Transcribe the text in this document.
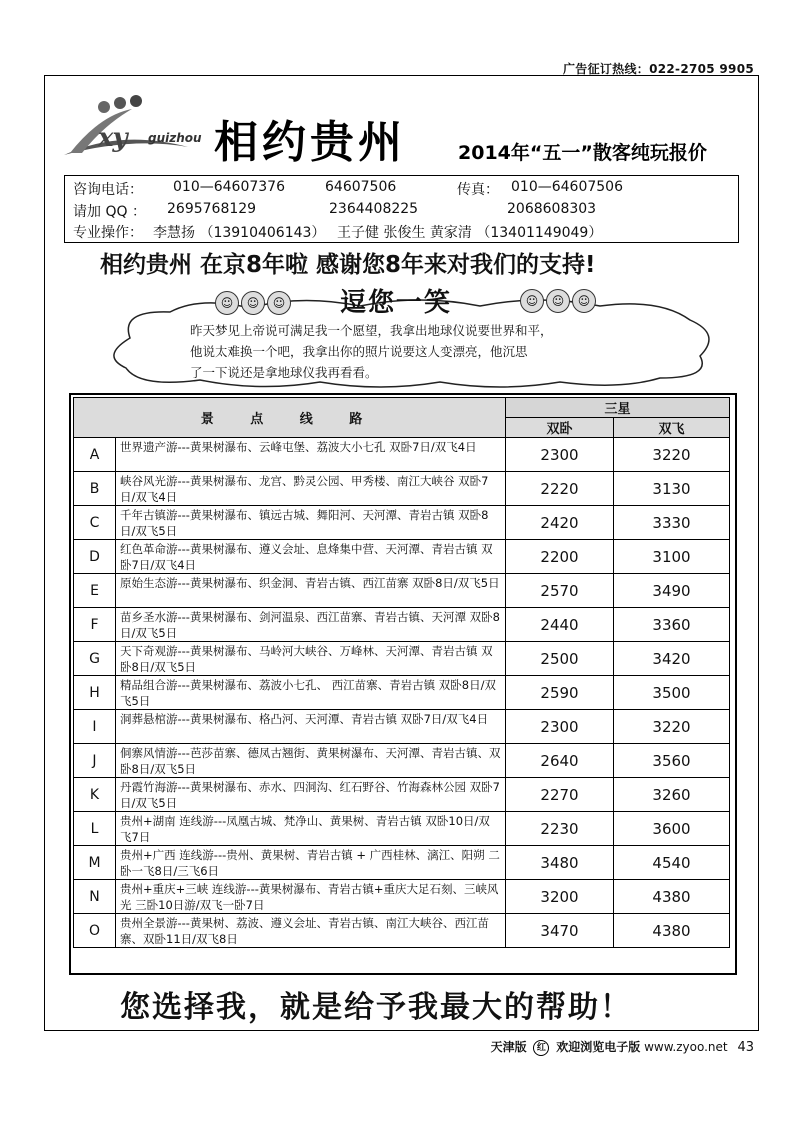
广告征订热线：022-2705 9905
xy guizhou 相约贵州	2014年“五一”散客纯玩报价
咨询电话： 010—64607376	64607506	传真： 010—64607506
请加 QQ ： 2695768129	2364408225	2068608303
专业操作： 李慧扬 （13910406143） 王子健 张俊生 黄家清 （13401149049）
相约贵州 在京8年啦 感谢您8年来对我们的支持!
☺	☺	☺	☺	☺	☺
逗您一笑
昨天梦见上帝说可满足我一个愿望，我拿出地球仪说要世界和平，
他说太难换一个吧，我拿出你的照片说要这人变漂亮，他沉思
了一下说还是拿地球仪我再看看。
景 点 线 路		三星	
		双卧	双飞
A	世界遗产游---黄果树瀑布、云峰屯堡、荔波大小七孔 双卧7日/双飞4日	2300	3220
B	峡谷风光游---黄果树瀑布、龙宫、黔灵公园、甲秀楼、南江大峡谷 双卧7日/双飞4日	2220	3130
C	千年古镇游---黄果树瀑布、镇远古城、舞阳河、天河潭、青岩古镇 双卧8日/双飞5日	2420	3330
D	红色革命游---黄果树瀑布、遵义会址、息烽集中营、天河潭、青岩古镇 双卧7日/双飞4日	2200	3100
E	原始生态游---黄果树瀑布、织金洞、青岩古镇、西江苗寨 双卧8日/双飞5日	2570	3490
F	苗乡圣水游---黄果树瀑布、剑河温泉、西江苗寨、青岩古镇、天河潭 双卧8日/双飞5日	2440	3360
G	天下奇观游---黄果树瀑布、马岭河大峡谷、万峰林、天河潭、青岩古镇 双卧8日/双飞5日	2500	3420
H	精品组合游---黄果树瀑布、荔波小七孔、 西江苗寨、青岩古镇 双卧8日/双飞5日	2590	3500
I	洞葬悬棺游---黄果树瀑布、格凸河、天河潭、青岩古镇 双卧7日/双飞4日	2300	3220
J	侗寨风情游---芭莎苗寨、德凤古翘街、黄果树瀑布、天河潭、青岩古镇、双卧8日/双飞5日	2640	3560
K	丹霞竹海游---黄果树瀑布、赤水、四洞沟、红石野谷、竹海森林公园 双卧7日/双飞5日	2270	3260
L	贵州+湖南 连线游---凤凰古城、梵净山、黄果树、青岩古镇 双卧10日/双飞7日	2230	3600
M	贵州+广西 连线游---贵州、黄果树、青岩古镇 + 广西桂林、漓江、阳朔 二卧一飞8日/三飞6日	3480	4540
N	贵州+重庆+三峡 连线游---黄果树瀑布、青岩古镇+重庆大足石刻、三峡风光 三卧10日游/双飞一卧7日	3200	4380
O	贵州全景游---黄果树、荔波、遵义会址、青岩古镇、南江大峡谷、西江苗寨、双卧11日/双飞8日	3470	4380
您选择我，就是给予我最大的帮助！
天津版 红 欢迎浏览电子版 www.zyoo.net 43
